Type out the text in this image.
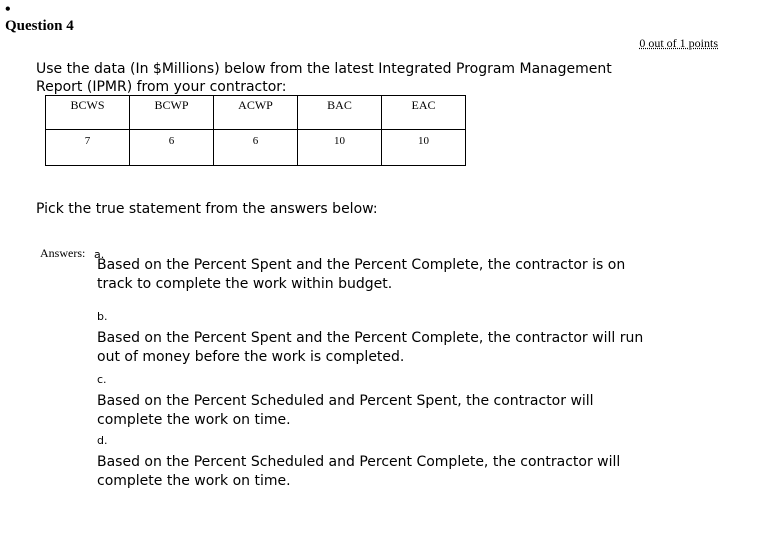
•
Question 4
0 out of 1 points
Use the data (In $Millions) below from the latest Integrated Program Management Report (IPMR) from your contractor:
BCWS	BCWP	ACWP	BAC	EAC
7	6	6	10	10
Pick the true statement from the answers below:
Answers: a.
Based on the Percent Spent and the Percent Complete, the contractor is on track to complete the work within budget.
b.
Based on the Percent Spent and the Percent Complete, the contractor will run out of money before the work is completed.
c.
Based on the Percent Scheduled and Percent Spent, the contractor will complete the work on time.
d.
Based on the Percent Scheduled and Percent Complete, the contractor will complete the work on time.
